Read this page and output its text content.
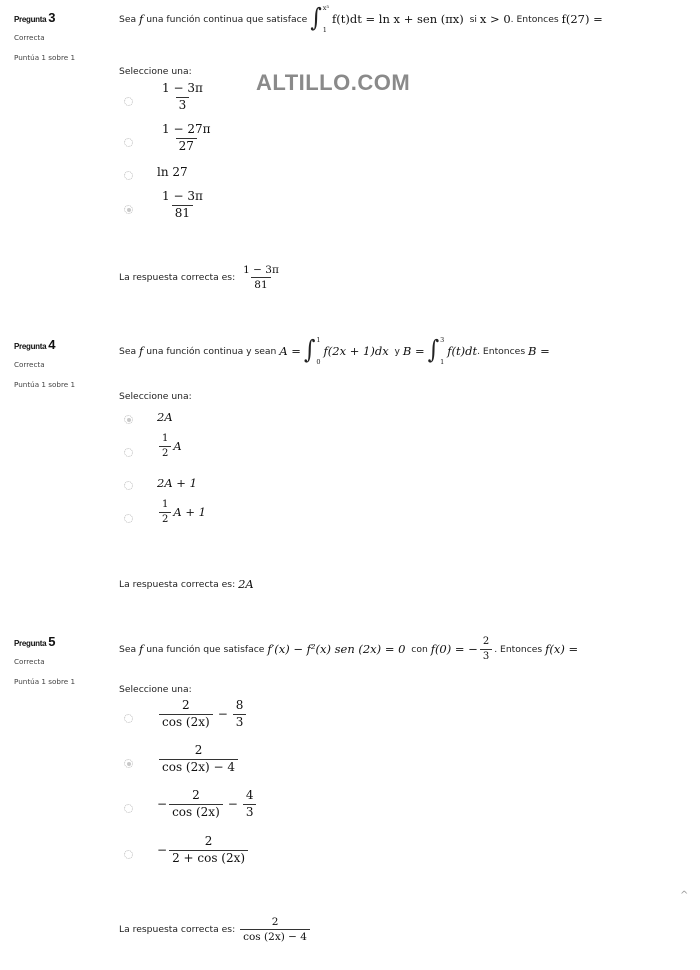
ALTILLO.COM
Pregunta 3
Correcta
Puntúa 1 sobre 1
Sea
f
una función continua que satisface ∫ x³
1
f(t)dt = ln x + sen (πx)
si
x > 0 . Entonces
f(27) =
Seleccione una:
$\frac{1 - 3\pi}{3}$
$\frac{1 - 27\pi}{27}$
ln 27
$\frac{1 - 3\pi}{81}$
La respuesta correcta es:
$\frac{1 - 3\pi}{81}$
Pregunta 4
Correcta
Puntúa 1 sobre 1
Sea
f
una función continua y sean
A = ∫ 1
0
f(2x + 1)dx
y
B = ∫ 3
1
f(t)dt . Entonces
B =
Seleccione una:
2A
$\frac{1}{2}$ A
2A + 1
$\frac{1}{2}$ A + 1
La respuesta correcta es:
2A
Pregunta 5
Correcta
Puntúa 1 sobre 1
Sea
f
una función que satisface
f′(x) − f²(x) sen (2x) = 0
con
f(0) = − $\frac{2}{3}$ . Entonces
f(x) =
Seleccione una:
$\frac{2}{\cos (2x)} - \frac{8}{3}$
$\frac{2}{\cos (2x) - 4}$
− $\frac{2}{\cos (2x)} - \frac{4}{3}$
− $\frac{2}{2 + \cos (2x)}$
La respuesta correcta es:
$\frac{2}{\cos (2x) - 4}$
^
